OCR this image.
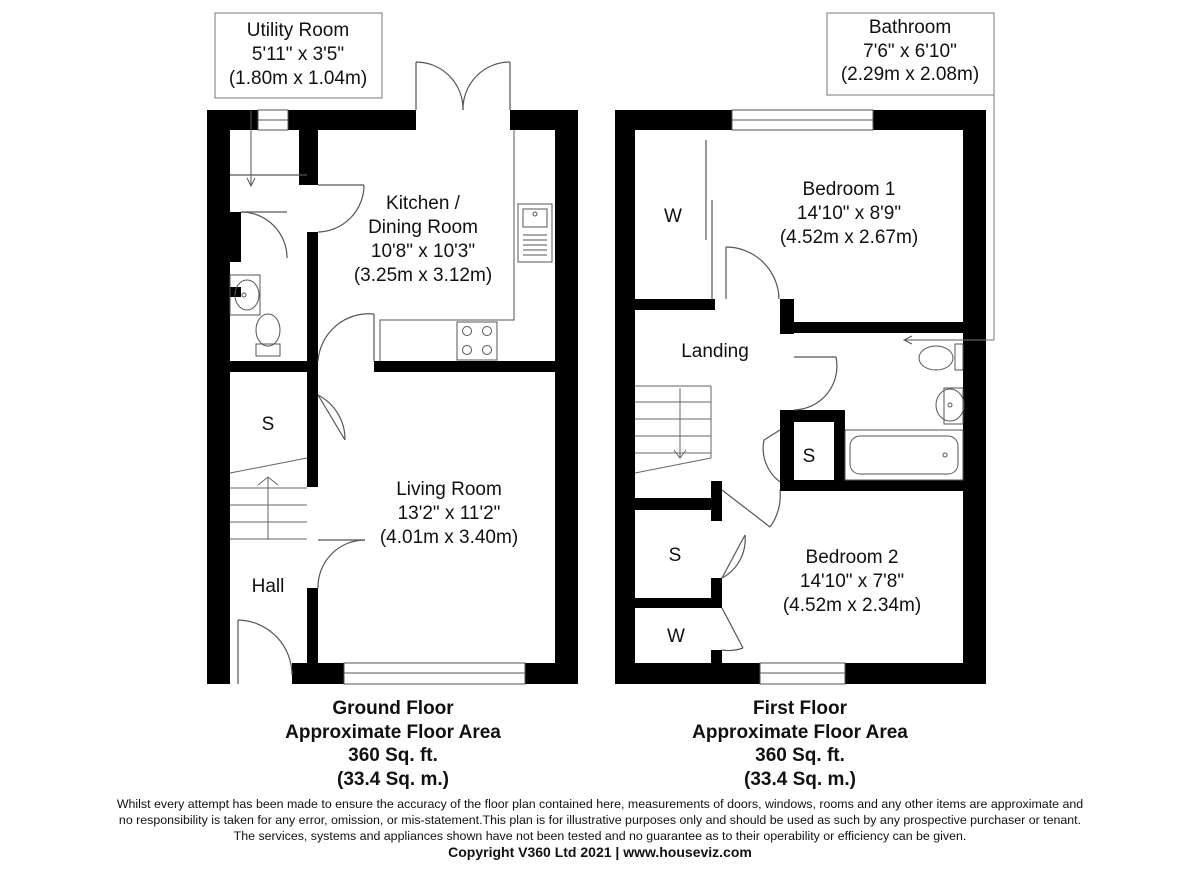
Utility Room
5'11" x 3'5"
(1.80m x 1.04m)
Bathroom
7'6" x 6'10"
(2.29m x 2.08m)
Kitchen /
Dining Room
10'8" x 10'3"
(3.25m x 3.12m)
Living Room
13'2" x 11'2"
(4.01m x 3.40m)
Bedroom 1
14'10" x 8'9"
(4.52m x 2.67m)
Bedroom 2
14'10" x 7'8"
(4.52m x 2.34m)
Landing
Hall
S
S
S
W
W
Ground Floor
Approximate Floor Area
360 Sq. ft.
(33.4 Sq. m.)
First Floor
Approximate Floor Area
360 Sq. ft.
(33.4 Sq. m.)
Whilst every attempt has been made to ensure the accuracy of the floor plan contained here, measurements of doors, windows, rooms and any other items are approximate and
no responsibility is taken for any error, omission, or mis-statement.This plan is for illustrative purposes only and should be used as such by any prospective purchaser or tenant.
The services, systems and appliances shown have not been tested and no guarantee as to their operability or efficiency can be given.
Copyright V360 Ltd 2021 | www.houseviz.com
